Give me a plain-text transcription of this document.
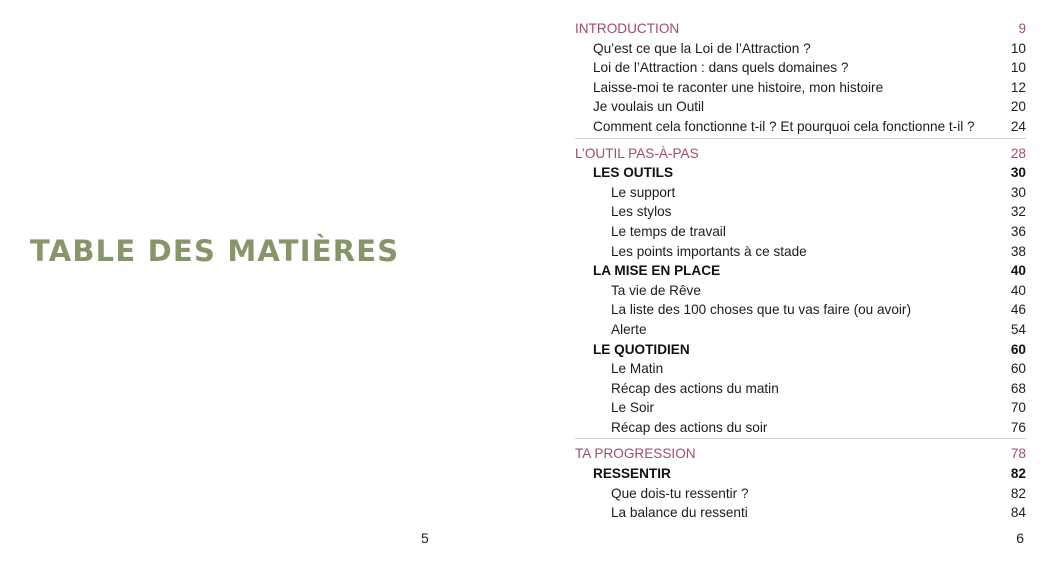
TABLE DES MATIÈRES
5
INTRODUCTION	9
Qu’est ce que la Loi de l’Attraction ?	10
Loi de l’Attraction : dans quels domaines ?	10
Laisse-moi te raconter une histoire, mon histoire	12
Je voulais un Outil	20
Comment cela fonctionne t-il ? Et pourquoi cela fonctionne t-il ?	24
L’OUTIL PAS-À-PAS	28
LES OUTILS	30
Le support	30
Les stylos	32
Le temps de travail	36
Les points importants à ce stade	38
LA MISE EN PLACE	40
Ta vie de Rêve	40
La liste des 100 choses que tu vas faire (ou avoir)	46
Alerte	54
LE QUOTIDIEN	60
Le Matin	60
Récap des actions du matin	68
Le Soir	70
Récap des actions du soir	76
TA PROGRESSION	78
RESSENTIR	82
Que dois-tu ressentir ?	82
La balance du ressenti	84
6
